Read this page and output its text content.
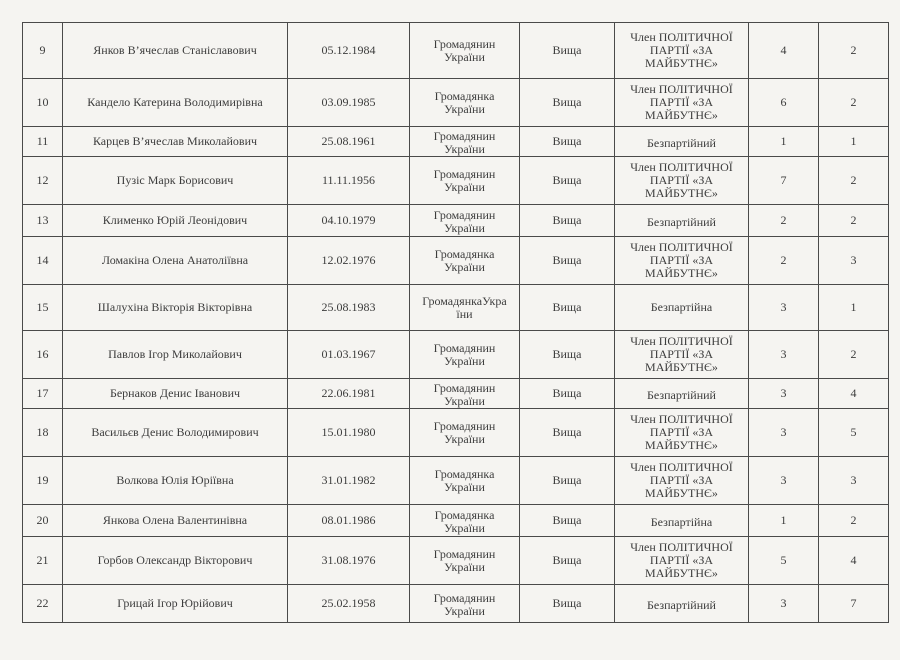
9	Янков В’ячеслав Станіславович	05.12.1984	Громадянин України	Вища	Член ПОЛІТИЧНОЇ ПАРТІЇ «ЗА МАЙБУТНЄ»	4	2
10	Кандело Катерина Володимирівна	03.09.1985	Громадянка України	Вища	Член ПОЛІТИЧНОЇ ПАРТІЇ «ЗА МАЙБУТНЄ»	6	2
11	Карцев В’ячеслав Миколайович	25.08.1961	Громадянин України	Вища	Безпартійний	1	1
12	Пузіс Марк Борисович	11.11.1956	Громадянин України	Вища	Член ПОЛІТИЧНОЇ ПАРТІЇ «ЗА МАЙБУТНЄ»	7	2
13	Клименко Юрій Леонідович	04.10.1979	Громадянин України	Вища	Безпартійний	2	2
14	Ломакіна Олена Анатоліївна	12.02.1976	Громадянка України	Вища	Член ПОЛІТИЧНОЇ ПАРТІЇ «ЗА МАЙБУТНЄ»	2	3
15	Шалухіна Вікторія Вікторівна	25.08.1983	ГромадянкаУкра їни	Вища	Безпартійна	3	1
16	Павлов Ігор Миколайович	01.03.1967	Громадянин України	Вища	Член ПОЛІТИЧНОЇ ПАРТІЇ «ЗА МАЙБУТНЄ»	3	2
17	Бернаков Денис Іванович	22.06.1981	Громадянин України	Вища	Безпартійний	3	4
18	Васильєв Денис Володимирович	15.01.1980	Громадянин України	Вища	Член ПОЛІТИЧНОЇ ПАРТІЇ «ЗА МАЙБУТНЄ»	3	5
19	Волкова Юлія Юріївна	31.01.1982	Громадянка України	Вища	Член ПОЛІТИЧНОЇ ПАРТІЇ «ЗА МАЙБУТНЄ»	3	3
20	Янкова Олена Валентинівна	08.01.1986	Громадянка України	Вища	Безпартійна	1	2
21	Горбов Олександр Вікторович	31.08.1976	Громадянин України	Вища	Член ПОЛІТИЧНОЇ ПАРТІЇ «ЗА МАЙБУТНЄ»	5	4
22	Грицай Ігор Юрійович	25.02.1958	Громадянин України	Вища	Безпартійний	3	7
